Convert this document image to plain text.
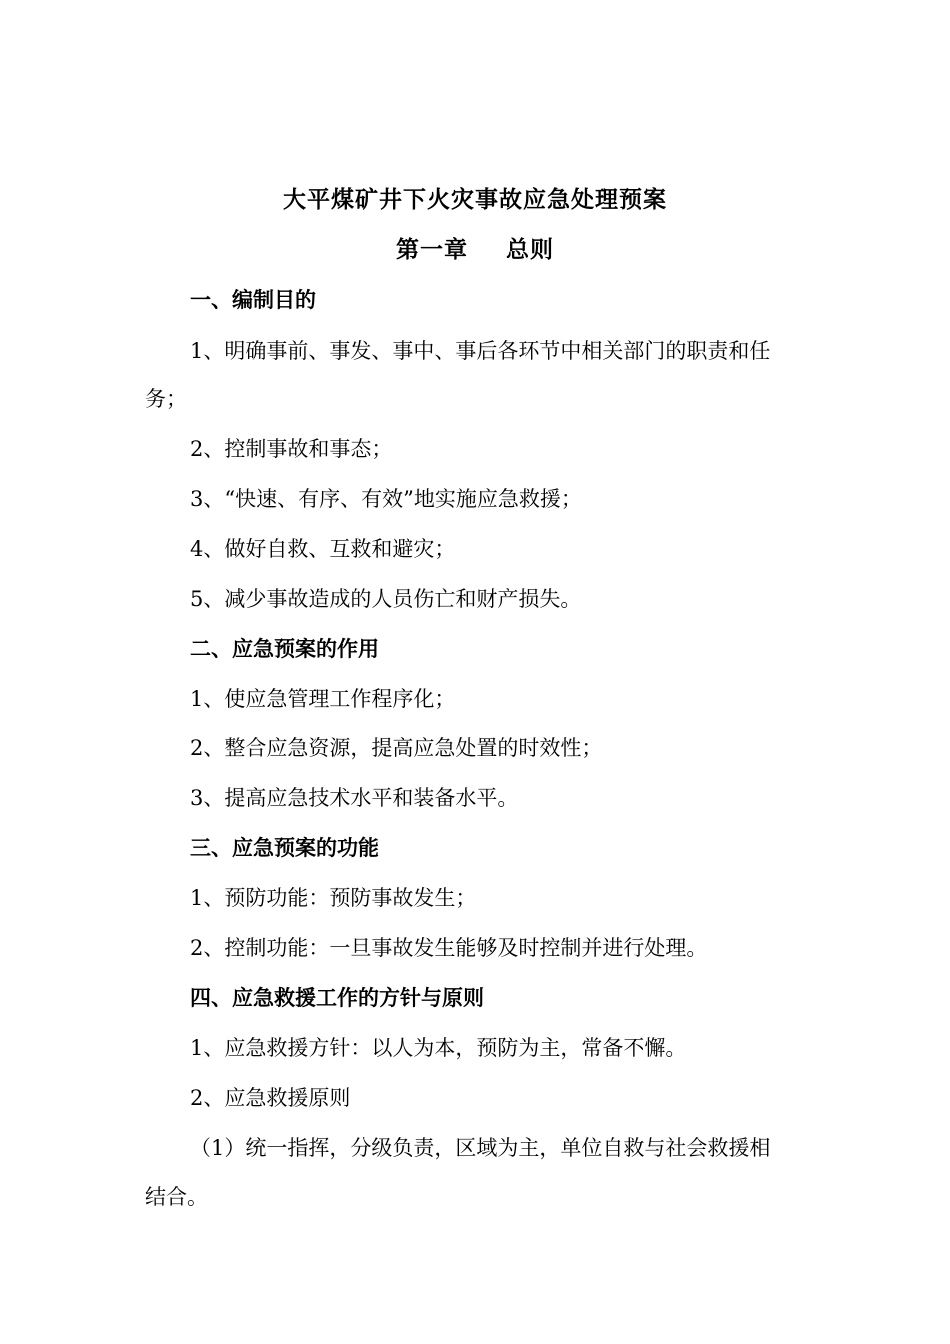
大平煤矿井下火灾事故应急处理预案
第一章 总则
一、编制目的
1、明确事前、事发、事中、事后各环节中相关部门的职责和任
务；
2、控制事故和事态；
3、“快速、有序、有效”地实施应急救援；
4、做好自救、互救和避灾；
5、减少事故造成的人员伤亡和财产损失。
二、应急预案的作用
1、使应急管理工作程序化；
2、整合应急资源，提高应急处置的时效性；
3、提高应急技术水平和装备水平。
三、应急预案的功能
1、预防功能：预防事故发生；
2、控制功能：一旦事故发生能够及时控制并进行处理。
四、应急救援工作的方针与原则
1、应急救援方针：以人为本，预防为主，常备不懈。
2、应急救援原则
（1）统一指挥，分级负责，区域为主，单位自救与社会救援相
结合。
